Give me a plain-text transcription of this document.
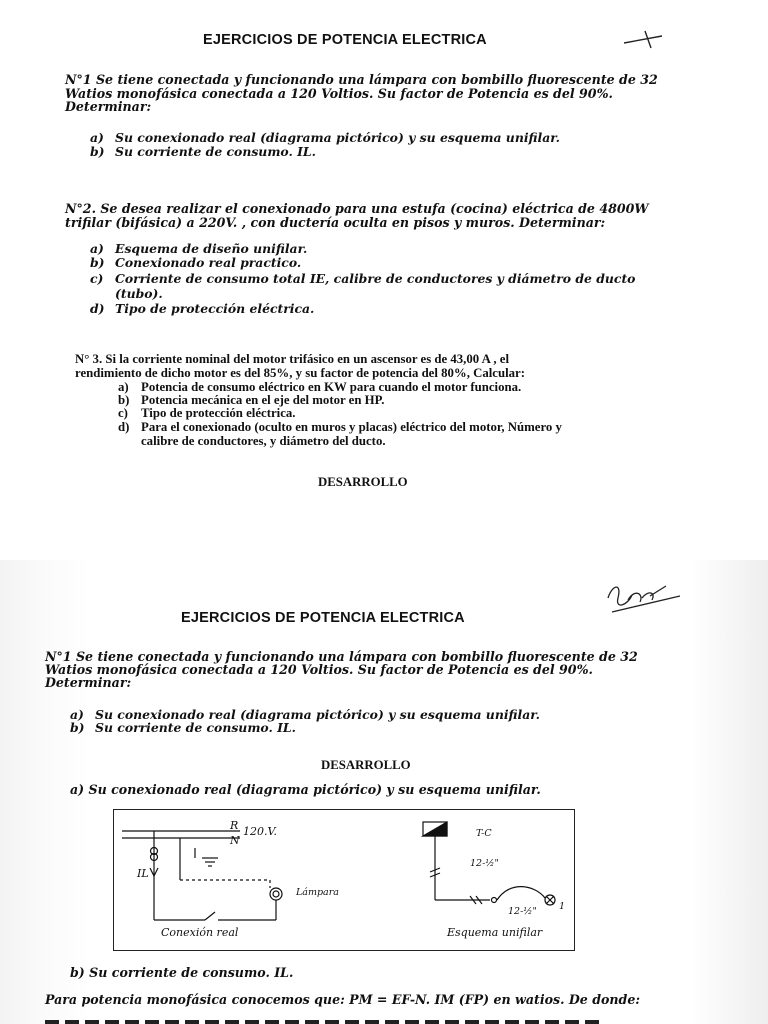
EJERCICIOS DE POTENCIA ELECTRICA
N°1 Se tiene conectada y funcionando una lámpara con bombillo fluorescente de 32
Watios monofásica conectada a 120 Voltios. Su factor de Potencia es del 90%.
Determinar:
a) Su conexionado real (diagrama pictórico) y su esquema unifilar.
b) Su corriente de consumo. IL.
N°2. Se desea realizar el conexionado para una estufa (cocina) eléctrica de 4800W
trifilar (bifásica) a 220V. , con ductería oculta en pisos y muros. Determinar:
a) Esquema de diseño unifilar.
b) Conexionado real practico.
c) Corriente de consumo total IE, calibre de conductores y diámetro de ducto
(tubo).
d) Tipo de protección eléctrica.
N° 3. Si la corriente nominal del motor trifásico en un ascensor es de 43,00 A , el
rendimiento de dicho motor es del 85%, y su factor de potencia del 80%, Calcular:
a) Potencia de consumo eléctrico en KW para cuando el motor funciona.
b) Potencia mecánica en el eje del motor en HP.
c) Tipo de protección eléctrica.
d) Para el conexionado (oculto en muros y placas) eléctrico del motor, Número y
calibre de conductores, y diámetro del ducto.
DESARROLLO
EJERCICIOS DE POTENCIA ELECTRICA
N°1 Se tiene conectada y funcionando una lámpara con bombillo fluorescente de 32
Watios monofásica conectada a 120 Voltios. Su factor de Potencia es del 90%.
Determinar:
a) Su conexionado real (diagrama pictórico) y su esquema unifilar.
b) Su corriente de consumo. IL.
DESARROLLO
a) Su conexionado real (diagrama pictórico) y su esquema unifilar.
R 120.V.
N
IL
Lámpara
Conexión real
T-C
12-½"
12-½" 1
Esquema unifilar
b) Su corriente de consumo. IL.
Para potencia monofásica conocemos que: PM = EF-N. IM (FP) en watios. De donde:
